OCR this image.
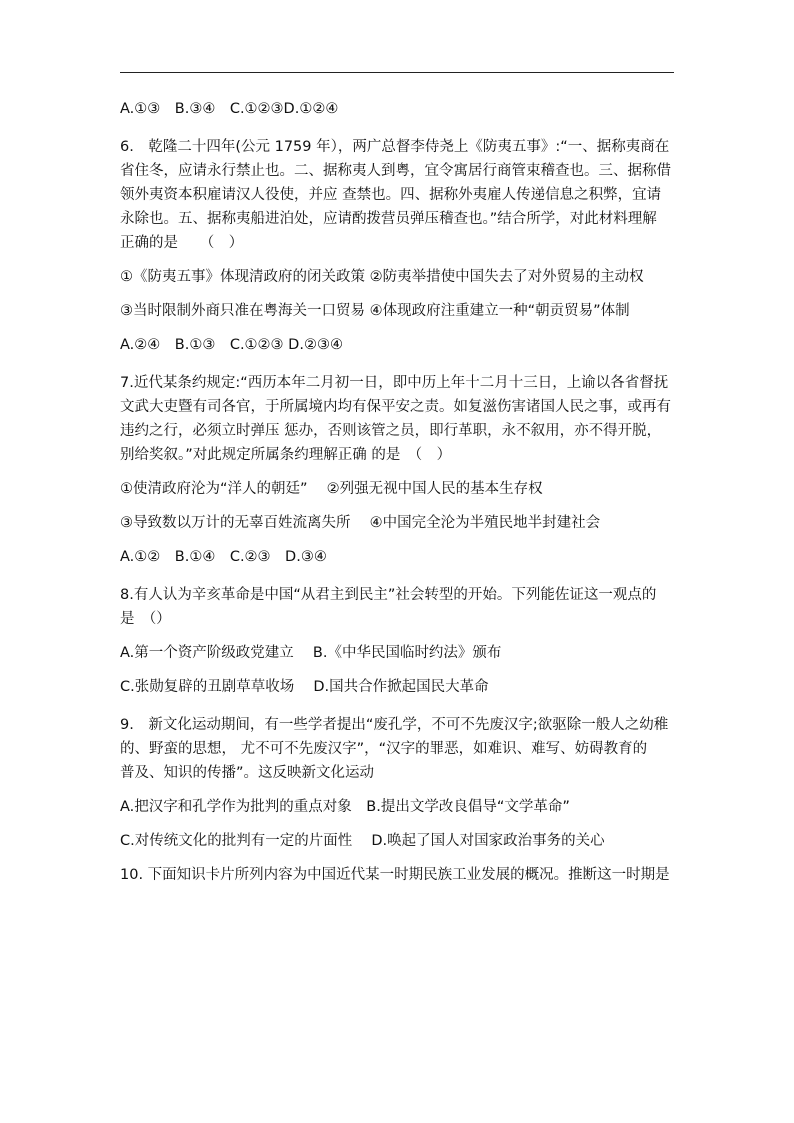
A.①③　B.③④　C.①②③D.①②④
6.　乾隆二十四年(公元 1759 年），两广总督李侍尧上《防夷五事》:“一、据称夷商在
省住冬，应请永行禁止也。二、据称夷人到粤，宜令寓居行商管束稽查也。三、据称借
领外夷资本积雇请汉人役使，并应 查禁也。四、据称外夷雇人传递信息之积弊，宜请
永除也。五、据称夷船进泊处，应请酌拨营员弹压稽查也。”结合所学，对此材料理解
正确的是　　（　）
①《防夷五事》体现清政府的闭关政策 ②防夷举措使中国失去了对外贸易的主动权
③当时限制外商只准在粤海关一口贸易 ④体现政府注重建立一种“朝贡贸易”体制
A.②④　B.①③　C.①②③ D.②③④
7.近代某条约规定:“西历本年二月初一日，即中历上年十二月十三日，上谕以各省督抚
文武大吏暨有司各官，于所属境内均有保平安之责。如复滋伤害诸国人民之事，或再有
违约之行，必须立时弹压 惩办，否则该管之员，即行革职，永不叙用，亦不得开脱，
别给奖叙。”对此规定所属条约理解正确 的是　（　）
①使清政府沦为“洋人的朝廷”　 ②列强无视中国人民的基本生存权
③导致数以万计的无辜百姓流离失所　 ④中国完全沦为半殖民地半封建社会
A.①②　B.①④　C.②③　D.③④
8.有人认为辛亥革命是中国“从君主到民主”社会转型的开始。下列能佐证这一观点的
是　（）
A.第一个资产阶级政党建立　 B.《中华民国临时约法》颁布
C.张勋复辟的丑剧草草收场　 D.国共合作掀起国民大革命
9.　新文化运动期间，有一些学者提出“废孔学，不可不先废汉字;欲驱除一般人之幼稚
的、野蛮的思想， 尤不可不先废汉字”，“汉字的罪恶，如难识、难写、妨碍教育的
普及、知识的传播”。这反映新文化运动
A.把汉字和孔学作为批判的重点对象　B.提出文学改良倡导“文学革命”
C.对传统文化的批判有一定的片面性　 D.唤起了国人对国家政治事务的关心
10. 下面知识卡片所列内容为中国近代某一时期民族工业发展的概况。推断这一时期是
